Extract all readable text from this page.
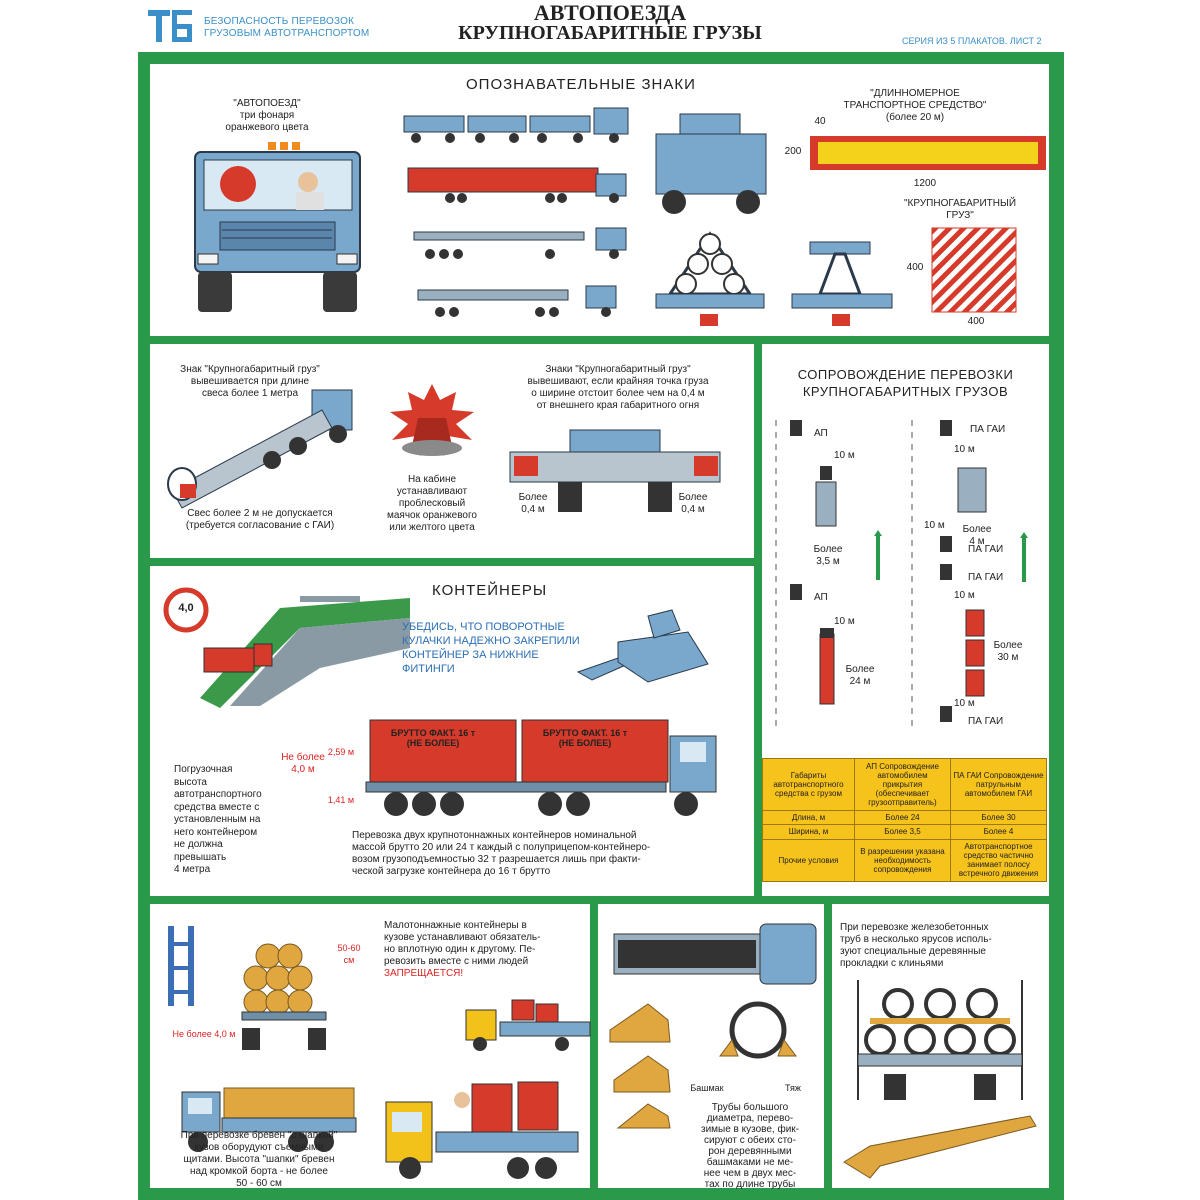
БЕЗОПАСНОСТЬ ПЕРЕВОЗОК
ГРУЗОВЫМ АВТОТРАНСПОРТОМ
АВТОПОЕЗДА
КРУПНОГАБАРИТНЫЕ ГРУЗЫ	СЕРИЯ ИЗ 5 ПЛАКАТОВ. ЛИСТ 2
ОПОЗНАВАТЕЛЬНЫЕ ЗНАКИ
"АВТОПОЕЗД"
три фонаря
оранжевого цвета
"ДЛИННОМЕРНОЕ
ТРАНСПОРТНОЕ СРЕДСТВО"
(более 20 м)
40
200
1200
"КРУПНОГАБАРИТНЫЙ
ГРУЗ"
400
400
Знак "Крупногабаритный груз"
вывешивается при длине
свеса более 1 метра
Свес более 2 м не допускается
(требуется согласование с ГАИ)
На кабине
устанавливают
проблесковый
маячок оранжевого
или желтого цвета
Знаки "Крупногабаритный груз"
вывешивают, если крайняя точка груза
о ширине отстоит более чем на 0,4 м
от внешнего края габаритного огня
Более
0,4 м
Более
0,4 м
СОПРОВОЖДЕНИЕ ПЕРЕВОЗКИ
КРУПНОГАБАРИТНЫХ ГРУЗОВ
АП
10 м
Более
3,5 м
АП
10 м
Более
24 м
ПА ГАИ
10 м
10 м Более
4 м
ПА ГАИ
ПА ГАИ
10 м
Более
30 м
10 м
ПА ГАИ
Габариты автотранспортного средства с грузом	АП Сопровождение автомобилем прикрытия (обеспечивает грузоотправитель)	ПА ГАИ Сопровождение патрульным автомобилем ГАИ
Длина, м	Более 24	Более 30
Ширина, м	Более 3,5	Более 4
Прочие условия	В разрешении указана необходимость сопровождения	Автотранспортное средство частично занимает полосу встречного движения
КОНТЕЙНЕРЫ
4,0
УБЕДИСЬ, ЧТО ПОВОРОТНЫЕ
КУЛАЧКИ НАДЕЖНО ЗАКРЕПИЛИ
КОНТЕЙНЕР ЗА НИЖНИЕ
ФИТИНГИ
БРУТТО ФАКТ. 16 т
(НЕ БОЛЕЕ)
БРУТТО ФАКТ. 16 т
(НЕ БОЛЕЕ)
Не более
4,0 м
2,59 м
1,41 м
Погрузочная
высота
автотранспортного
средства вместе с
установленным на
него контейнером
не должна
превышать
4 метра
Перевозка двух крупнотоннажных контейнеров номинальной
массой брутто 20 или 24 т каждый с полуприцепом-контейнеро-
возом грузоподъемностью 32 т разрешается лишь при факти-
ческой загрузке контейнера до 16 т брутто
50-60
см
Не более 4,0 м
При перевозке бревен "с шапкой"
кузов оборудуют съемными
щитами. Высота "шапки" бревен
над кромкой борта - не более
50 - 60 см
Малотоннажные контейнеры в
кузове устанавливают обязатель-
но вплотную один к другому. Пе-
ревозить вместе с ними людей
ЗАПРЕЩАЕТСЯ!
Башмак	Тяж
Трубы большого
диаметра, перево-
зимые в кузове, фик-
сируют с обеих сто-
рон деревянными
башмаками не ме-
нее чем в двух мес-
тах по длине трубы
При перевозке железобетонных
труб в несколько ярусов исполь-
зуют специальные деревянные
прокладки с клиньями
